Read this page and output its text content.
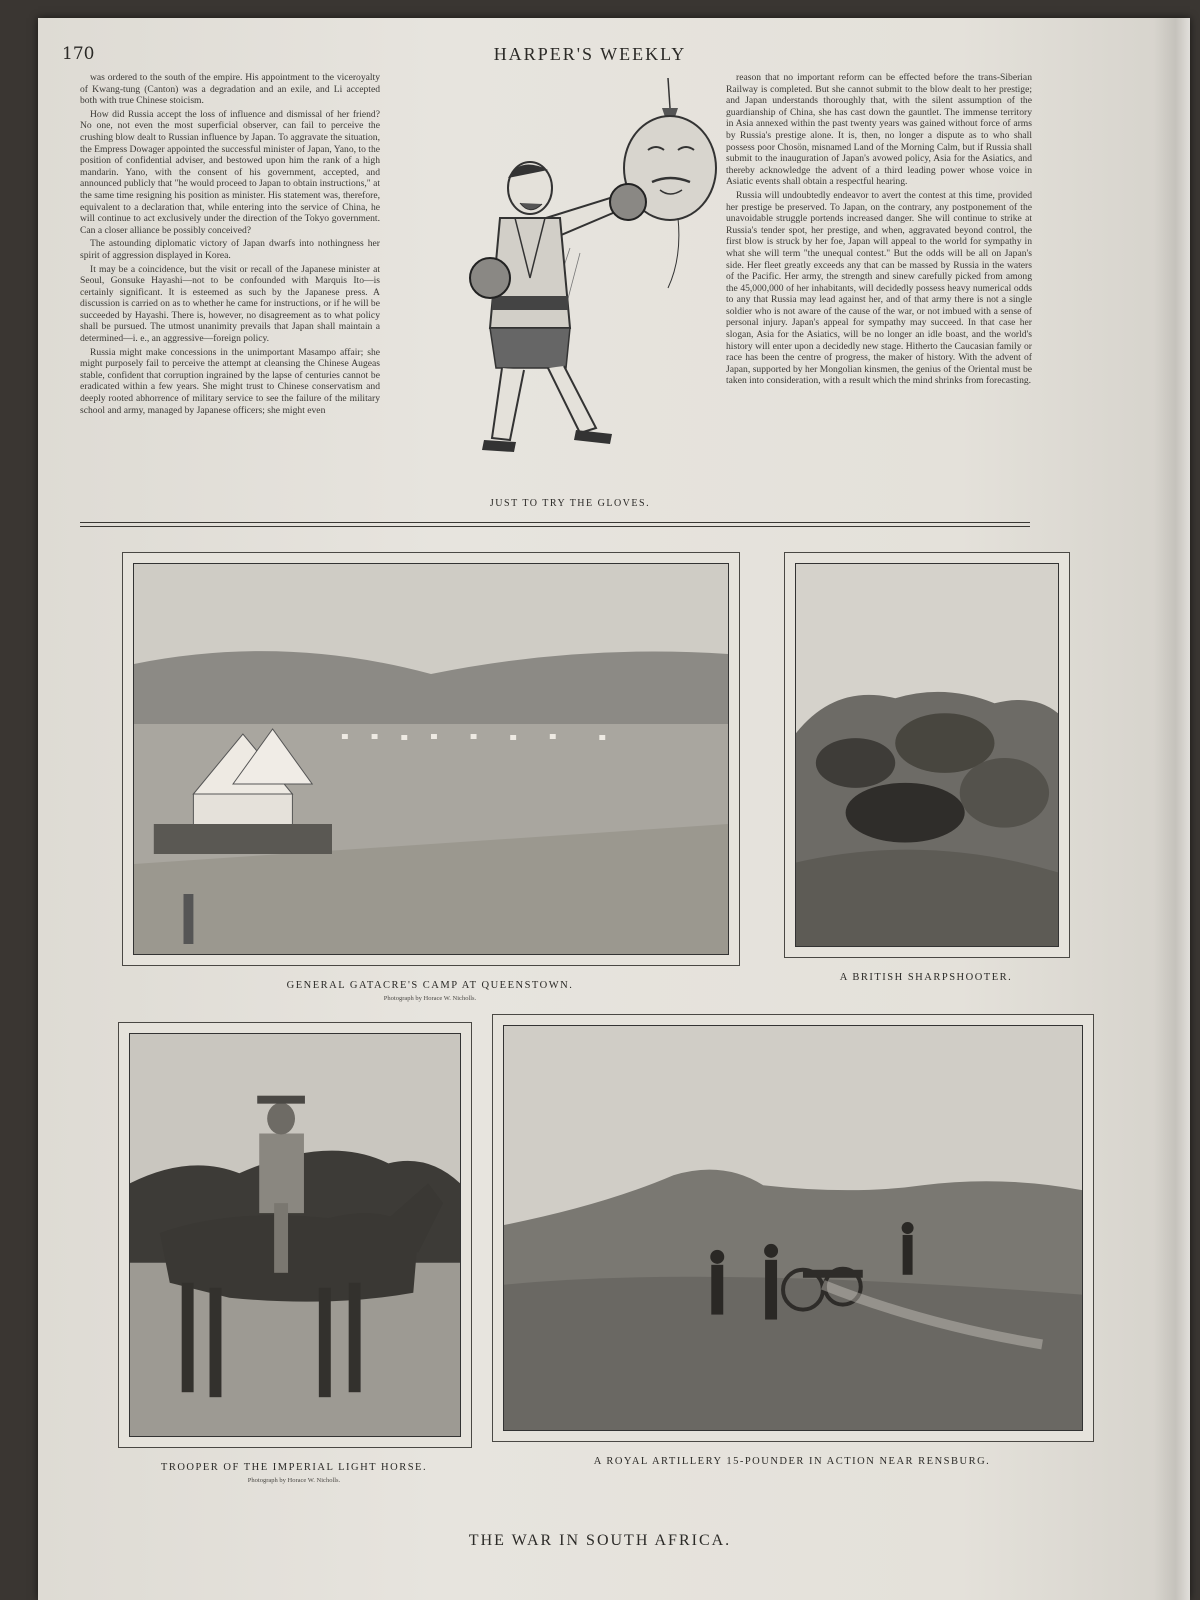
170	HARPER'S WEEKLY

was ordered to the south of the empire. His appointment to the viceroyalty of Kwang-tung (Canton) was a degradation and an exile, and Li accepted both with true Chinese stoicism.

How did Russia accept the loss of influence and dismissal of her friend? No one, not even the most superficial observer, can fail to perceive the crushing blow dealt to Russian influence by Japan. To aggravate the situation, the Empress Dowager appointed the successful minister of Japan, Yano, to the position of confidential adviser, and bestowed upon him the rank of a high mandarin. Yano, with the consent of his government, accepted, and announced publicly that "he would proceed to Japan to obtain instructions," at the same time resigning his position as minister. His statement was, therefore, equivalent to a declaration that, while entering into the service of China, he will continue to act exclusively under the direction of the Tokyo government. Can a closer alliance be possibly conceived?

The astounding diplomatic victory of Japan dwarfs into nothingness her spirit of aggression displayed in Korea.

It may be a coincidence, but the visit or recall of the Japanese minister at Seoul, Gonsuke Hayashi—not to be confounded with Marquis Ito—is certainly significant. It is esteemed as such by the Japanese press. A discussion is carried on as to whether he came for instructions, or if he will be succeeded by Hayashi. There is, however, no disagreement as to what policy shall be pursued. The utmost unanimity prevails that Japan shall maintain a determined—i. e., an aggressive—foreign policy.

Russia might make concessions in the unimportant Masampo affair; she might purposely fail to perceive the attempt at cleansing the Chinese Augeas stable, confident that corruption ingrained by the lapse of centuries cannot be eradicated within a few years. She might trust to Chinese conservatism and deeply rooted abhorrence of military service to see the failure of the military school and army, managed by Japanese officers; she might even

reason that no important reform can be effected before the trans-Siberian Railway is completed. But she cannot submit to the blow dealt to her prestige; and Japan understands thoroughly that, with the silent assumption of the guardianship of China, she has cast down the gauntlet. The immense territory in Asia annexed within the past twenty years was gained without force of arms by Russia's prestige alone. It is, then, no longer a dispute as to who shall possess poor Chosön, misnamed Land of the Morning Calm, but if Russia shall submit to the inauguration of Japan's avowed policy, Asia for the Asiatics, and thereby acknowledge the advent of a third leading power whose voice in Asiatic events shall obtain a respectful hearing.

Russia will undoubtedly endeavor to avert the contest at this time, provided her prestige be preserved. To Japan, on the contrary, any postponement of the unavoidable struggle portends increased danger. She will continue to strike at Russia's tender spot, her prestige, and when, aggravated beyond control, the first blow is struck by her foe, Japan will appeal to the world for sympathy in what she will term "the unequal contest." But the odds will be all on Japan's side. Her fleet greatly exceeds any that can be massed by Russia in the waters of the Pacific. Her army, the strength and sinew carefully picked from among the 45,000,000 of her inhabitants, will decidedly possess heavy numerical odds to any that Russia may lead against her, and of that army there is not a single soldier who is not aware of the cause of the war, or not imbued with a sense of personal injury. Japan's appeal for sympathy may succeed. In that case her slogan, Asia for the Asiatics, will be no longer an idle boast, and the world's history will enter upon a decidedly new stage. Hitherto the Caucasian family or race has been the centre of progress, the maker of history. With the advent of Japan, supported by her Mongolian kinsmen, the genius of the Oriental must be taken into consideration, with a result which the mind shrinks from forecasting.

JUST TO TRY THE GLOVES.
GENERAL GATACRE'S CAMP AT QUEENSTOWN.
Photograph by Horace W. Nicholls.
A BRITISH SHARPSHOOTER.
TROOPER OF THE IMPERIAL LIGHT HORSE.
Photograph by Horace W. Nicholls.
A ROYAL ARTILLERY 15-POUNDER IN ACTION NEAR RENSBURG.
THE WAR IN SOUTH AFRICA.
